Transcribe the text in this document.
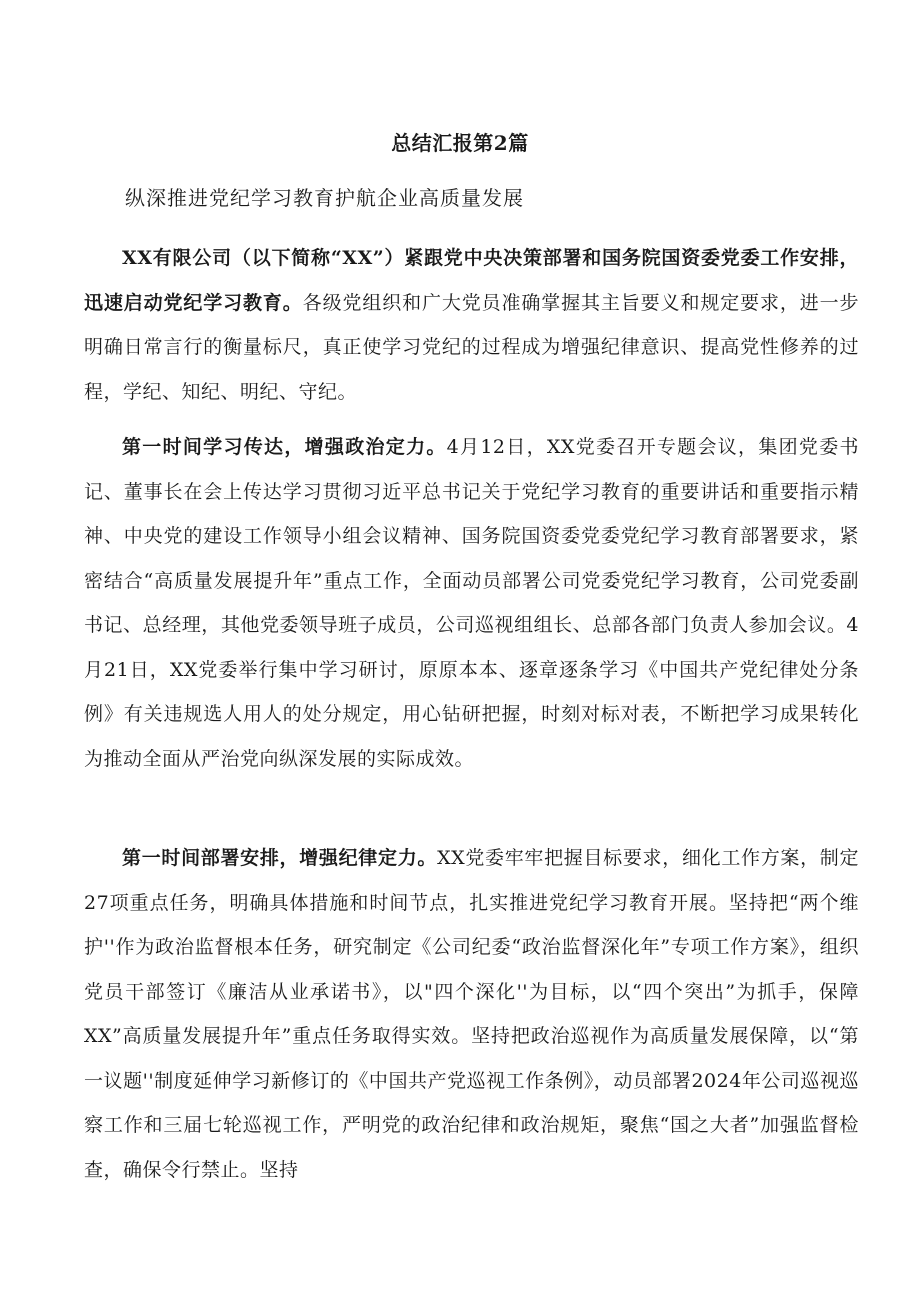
总结汇报第2篇

纵深推进党纪学习教育护航企业高质量发展

XX有限公司（以下简称“XX”）紧跟党中央决策部署和国务院国资委党委工作安排，迅速启动党纪学习教育。各级党组织和广大党员准确掌握其主旨要义和规定要求，进一步明确日常言行的衡量标尺，真正使学习党纪的过程成为增强纪律意识、提高党性修养的过程，学纪、知纪、明纪、守纪。

第一时间学习传达，增强政治定力。4月12日，XX党委召开专题会议，集团党委书记、董事长在会上传达学习贯彻习近平总书记关于党纪学习教育的重要讲话和重要指示精神、中央党的建设工作领导小组会议精神、国务院国资委党委党纪学习教育部署要求，紧密结合“高质量发展提升年”重点工作，全面动员部署公司党委党纪学习教育，公司党委副书记、总经理，其他党委领导班子成员，公司巡视组组长、总部各部门负责人参加会议。4月21日，XX党委举行集中学习研讨，原原本本、逐章逐条学习《中国共产党纪律处分条例》有关违规选人用人的处分规定，用心钻研把握，时刻对标对表，不断把学习成果转化为推动全面从严治党向纵深发展的实际成效。

第一时间部署安排，增强纪律定力。XX党委牢牢把握目标要求，细化工作方案，制定27项重点任务，明确具体措施和时间节点，扎实推进党纪学习教育开展。坚持把“两个维护''作为政治监督根本任务，研究制定《公司纪委“政治监督深化年”专项工作方案》，组织党员干部签订《廉洁从业承诺书》，以"四个深化''为目标，以“四个突出”为抓手，保障XX”高质量发展提升年”重点任务取得实效。坚持把政治巡视作为高质量发展保障，以“第一议题''制度延伸学习新修订的《中国共产党巡视工作条例》，动员部署2024年公司巡视巡察工作和三届七轮巡视工作，严明党的政治纪律和政治规矩，聚焦“国之大者”加强监督检查，确保令行禁止。坚持
